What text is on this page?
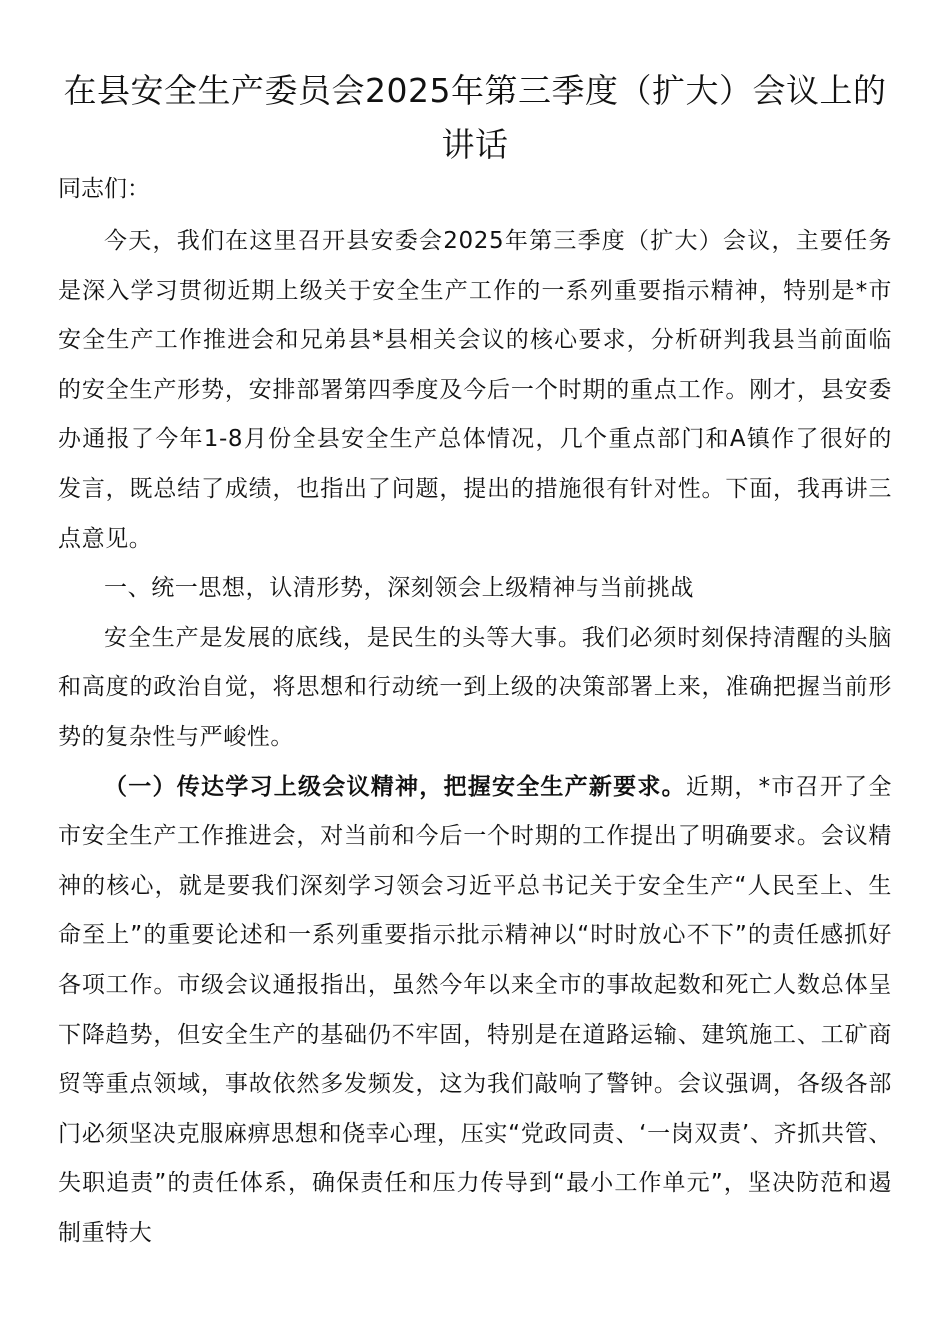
在县安全生产委员会2025年第三季度（扩大）会议上的讲话

同志们：

今天，我们在这里召开县安委会2025年第三季度（扩大）会议，主要任务是深入学习贯彻近期上级关于安全生产工作的一系列重要指示精神，特别是*市安全生产工作推进会和兄弟县*县相关会议的核心要求，分析研判我县当前面临的安全生产形势，安排部署第四季度及今后一个时期的重点工作。刚才，县安委办通报了今年1-8月份全县安全生产总体情况，几个重点部门和A镇作了很好的发言，既总结了成绩，也指出了问题，提出的措施很有针对性。下面，我再讲三点意见。

一、统一思想，认清形势，深刻领会上级精神与当前挑战

安全生产是发展的底线，是民生的头等大事。我们必须时刻保持清醒的头脑和高度的政治自觉，将思想和行动统一到上级的决策部署上来，准确把握当前形势的复杂性与严峻性。

（一）传达学习上级会议精神，把握安全生产新要求。近期，*市召开了全市安全生产工作推进会，对当前和今后一个时期的工作提出了明确要求。会议精神的核心，就是要我们深刻学习领会习近平总书记关于安全生产“人民至上、生命至上”的重要论述和一系列重要指示批示精神以“时时放心不下”的责任感抓好各项工作。市级会议通报指出，虽然今年以来全市的事故起数和死亡人数总体呈下降趋势，但安全生产的基础仍不牢固，特别是在道路运输、建筑施工、工矿商贸等重点领域，事故依然多发频发，这为我们敲响了警钟。会议强调，各级各部门必须坚决克服麻痹思想和侥幸心理，压实“党政同责、‘一岗双责’、齐抓共管、失职追责”的责任体系，确保责任和压力传导到“最小工作单元”，坚决防范和遏制重特大
